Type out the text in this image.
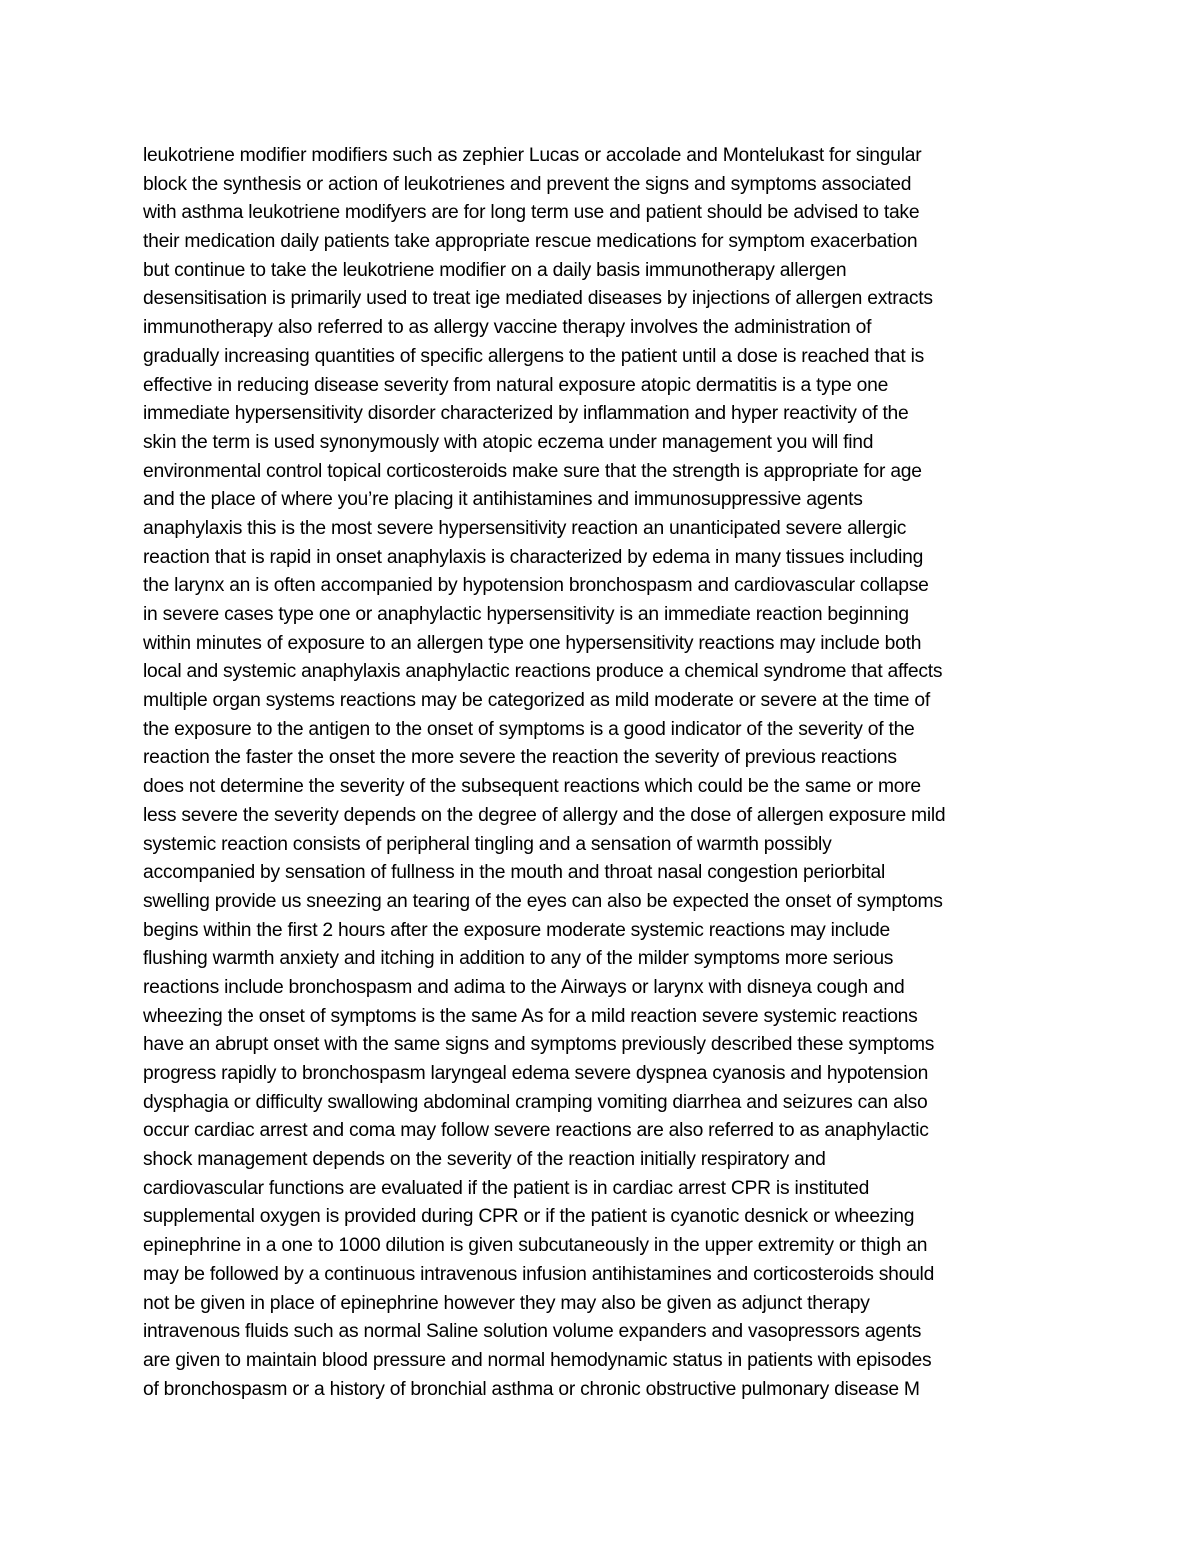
leukotriene modifier modifiers such as zephier Lucas or accolade and Montelukast for singular
block the synthesis or action of leukotrienes and prevent the signs and symptoms associated
with asthma leukotriene modifyers are for long term use and patient should be advised to take
their medication daily patients take appropriate rescue medications for symptom exacerbation
but continue to take the leukotriene modifier on a daily basis immunotherapy allergen
desensitisation is primarily used to treat ige mediated diseases by injections of allergen extracts
immunotherapy also referred to as allergy vaccine therapy involves the administration of
gradually increasing quantities of specific allergens to the patient until a dose is reached that is
effective in reducing disease severity from natural exposure atopic dermatitis is a type one
immediate hypersensitivity disorder characterized by inflammation and hyper reactivity of the
skin the term is used synonymously with atopic eczema under management you will find
environmental control topical corticosteroids make sure that the strength is appropriate for age
and the place of where you’re placing it antihistamines and immunosuppressive agents
anaphylaxis this is the most severe hypersensitivity reaction an unanticipated severe allergic
reaction that is rapid in onset anaphylaxis is characterized by edema in many tissues including
the larynx an is often accompanied by hypotension bronchospasm and cardiovascular collapse
in severe cases type one or anaphylactic hypersensitivity is an immediate reaction beginning
within minutes of exposure to an allergen type one hypersensitivity reactions may include both
local and systemic anaphylaxis anaphylactic reactions produce a chemical syndrome that affects
multiple organ systems reactions may be categorized as mild moderate or severe at the time of
the exposure to the antigen to the onset of symptoms is a good indicator of the severity of the
reaction the faster the onset the more severe the reaction the severity of previous reactions
does not determine the severity of the subsequent reactions which could be the same or more
less severe the severity depends on the degree of allergy and the dose of allergen exposure mild
systemic reaction consists of peripheral tingling and a sensation of warmth possibly
accompanied by sensation of fullness in the mouth and throat nasal congestion periorbital
swelling provide us sneezing an tearing of the eyes can also be expected the onset of symptoms
begins within the first 2 hours after the exposure moderate systemic reactions may include
flushing warmth anxiety and itching in addition to any of the milder symptoms more serious
reactions include bronchospasm and adima to the Airways or larynx with disneya cough and
wheezing the onset of symptoms is the same As for a mild reaction severe systemic reactions
have an abrupt onset with the same signs and symptoms previously described these symptoms
progress rapidly to bronchospasm laryngeal edema severe dyspnea cyanosis and hypotension
dysphagia or difficulty swallowing abdominal cramping vomiting diarrhea and seizures can also
occur cardiac arrest and coma may follow severe reactions are also referred to as anaphylactic
shock management depends on the severity of the reaction initially respiratory and
cardiovascular functions are evaluated if the patient is in cardiac arrest CPR is instituted
supplemental oxygen is provided during CPR or if the patient is cyanotic desnick or wheezing
epinephrine in a one to 1000 dilution is given subcutaneously in the upper extremity or thigh an
may be followed by a continuous intravenous infusion antihistamines and corticosteroids should
not be given in place of epinephrine however they may also be given as adjunct therapy
intravenous fluids such as normal Saline solution volume expanders and vasopressors agents
are given to maintain blood pressure and normal hemodynamic status in patients with episodes
of bronchospasm or a history of bronchial asthma or chronic obstructive pulmonary disease M
